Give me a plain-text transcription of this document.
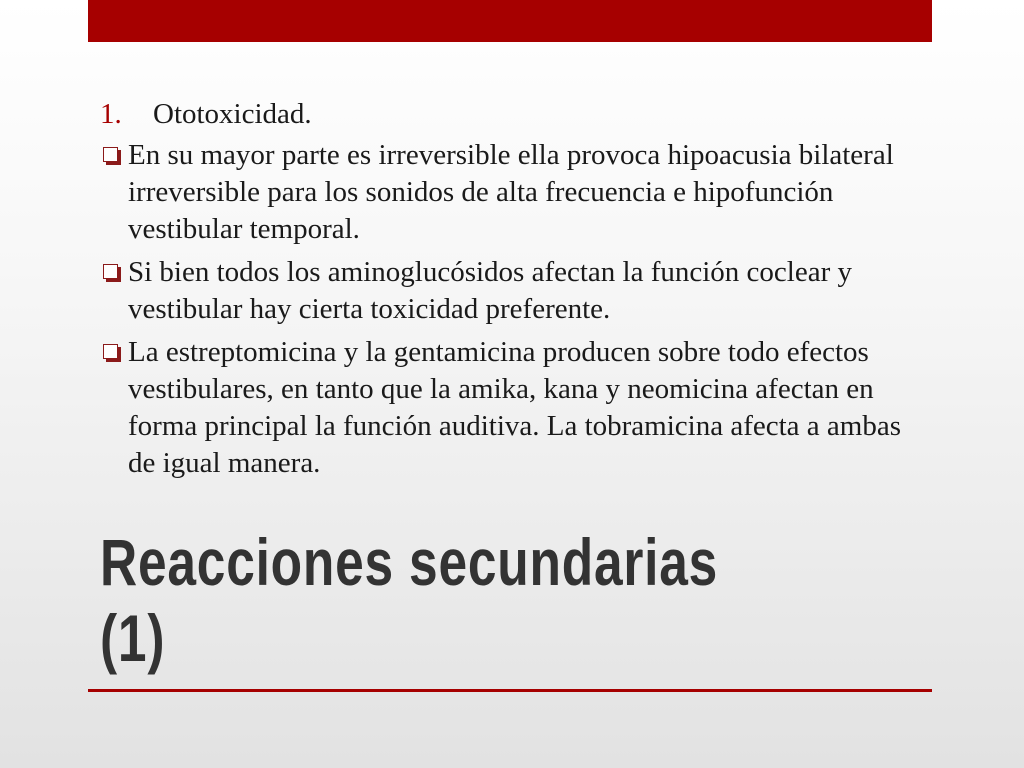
1.	Ototoxicidad.
En su mayor parte es irreversible ella provoca hipoacusia bilateral irreversible para los sonidos de alta frecuencia e hipofunción vestibular temporal.
Si bien todos los aminoglucósidos afectan la función coclear y vestibular hay cierta toxicidad preferente.
La estreptomicina y la gentamicina producen sobre todo efectos vestibulares, en tanto que la amika, kana y neomicina afectan en forma principal la función auditiva. La tobramicina afecta a ambas de igual manera.
Reacciones secundarias
(1)
